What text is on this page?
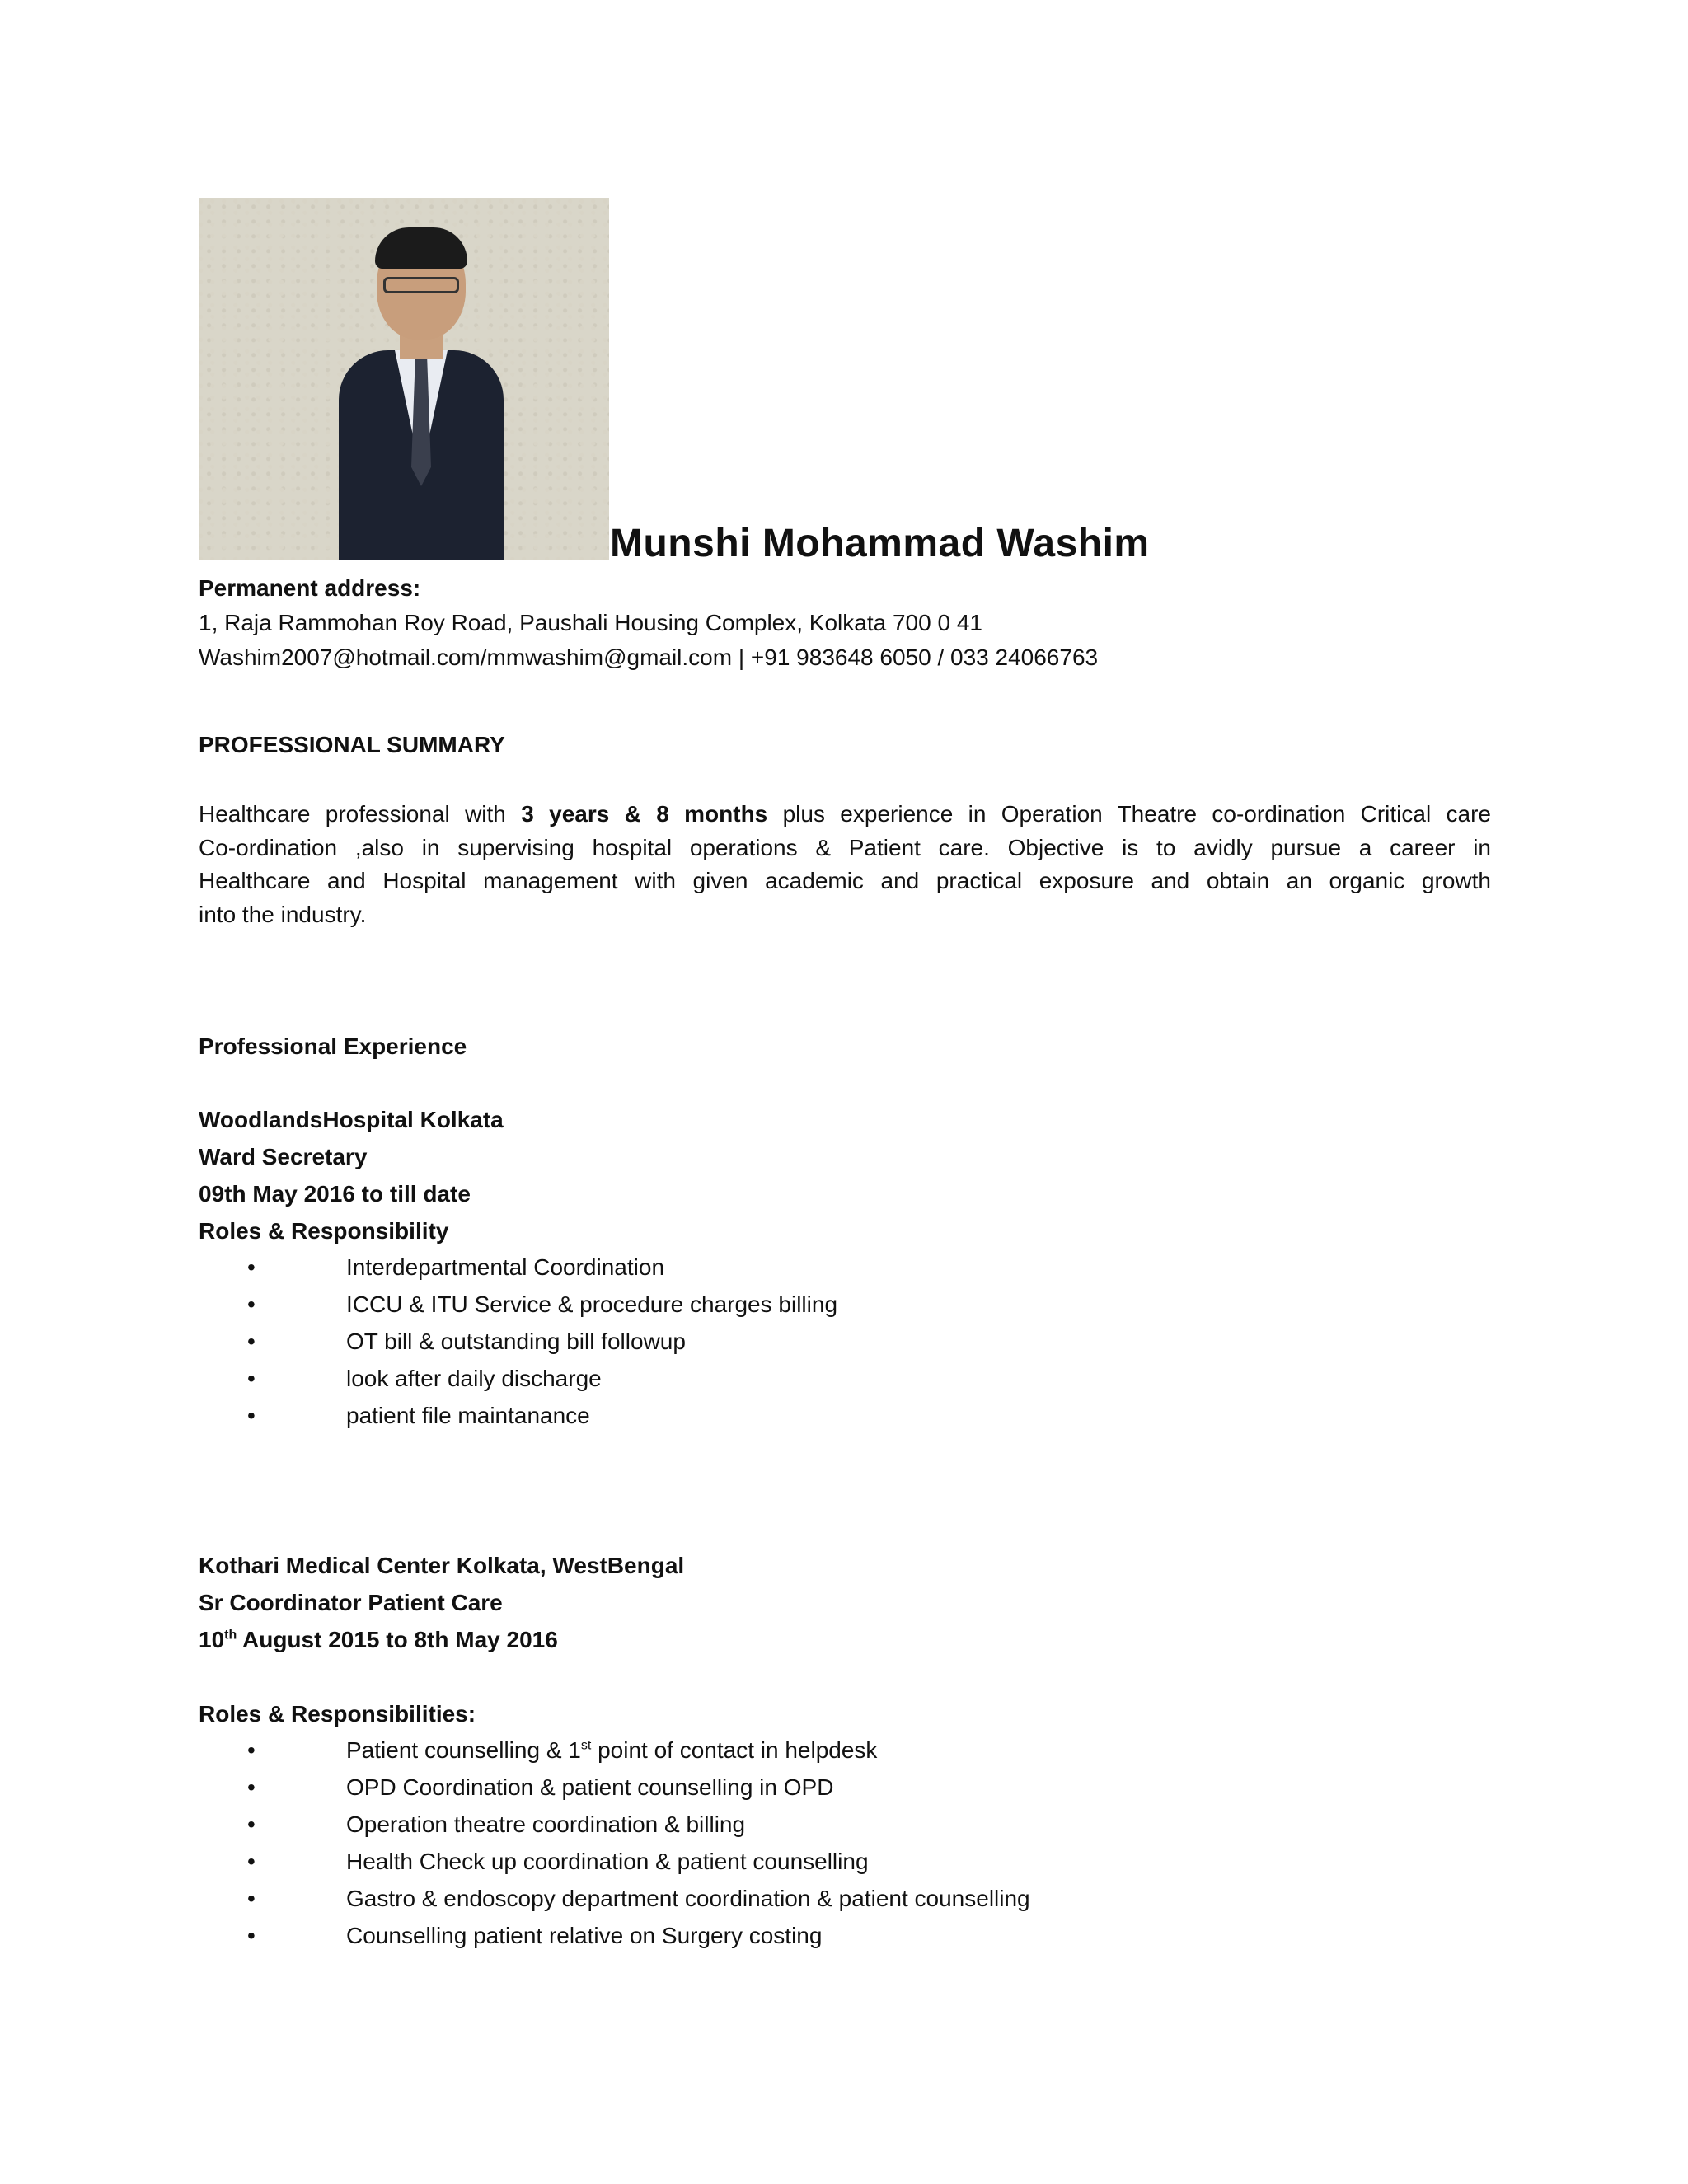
Munshi Mohammad Washim
Permanent address:
1, Raja Rammohan Roy Road, Paushali Housing Complex, Kolkata 700 0 41
Washim2007@hotmail.com/mmwashim@gmail.com | +91 983648 6050 / 033 24066763
PROFESSIONAL SUMMARY
Healthcare professional with 3 years & 8 months plus experience in Operation Theatre co-ordination Critical care
Co-ordination ,also in supervising hospital operations & Patient care. Objective is to avidly pursue a career in
Healthcare and Hospital management with given academic and practical exposure and obtain an organic growth
into the industry.
Professional Experience
WoodlandsHospital Kolkata
Ward Secretary
09th May 2016 to till date
Roles & Responsibility
•	Interdepartmental Coordination
•	ICCU & ITU Service & procedure charges billing
•	OT bill & outstanding bill followup
•	look after daily discharge
•	patient file maintanance
Kothari Medical Center Kolkata, WestBengal
Sr Coordinator Patient Care
10th August 2015 to 8th May 2016
Roles & Responsibilities:
•	Patient counselling & 1st point of contact in helpdesk
•	OPD Coordination & patient counselling in OPD
•	Operation theatre coordination & billing
•	Health Check up coordination & patient counselling
•	Gastro & endoscopy department coordination & patient counselling
•	Counselling patient relative on Surgery costing
